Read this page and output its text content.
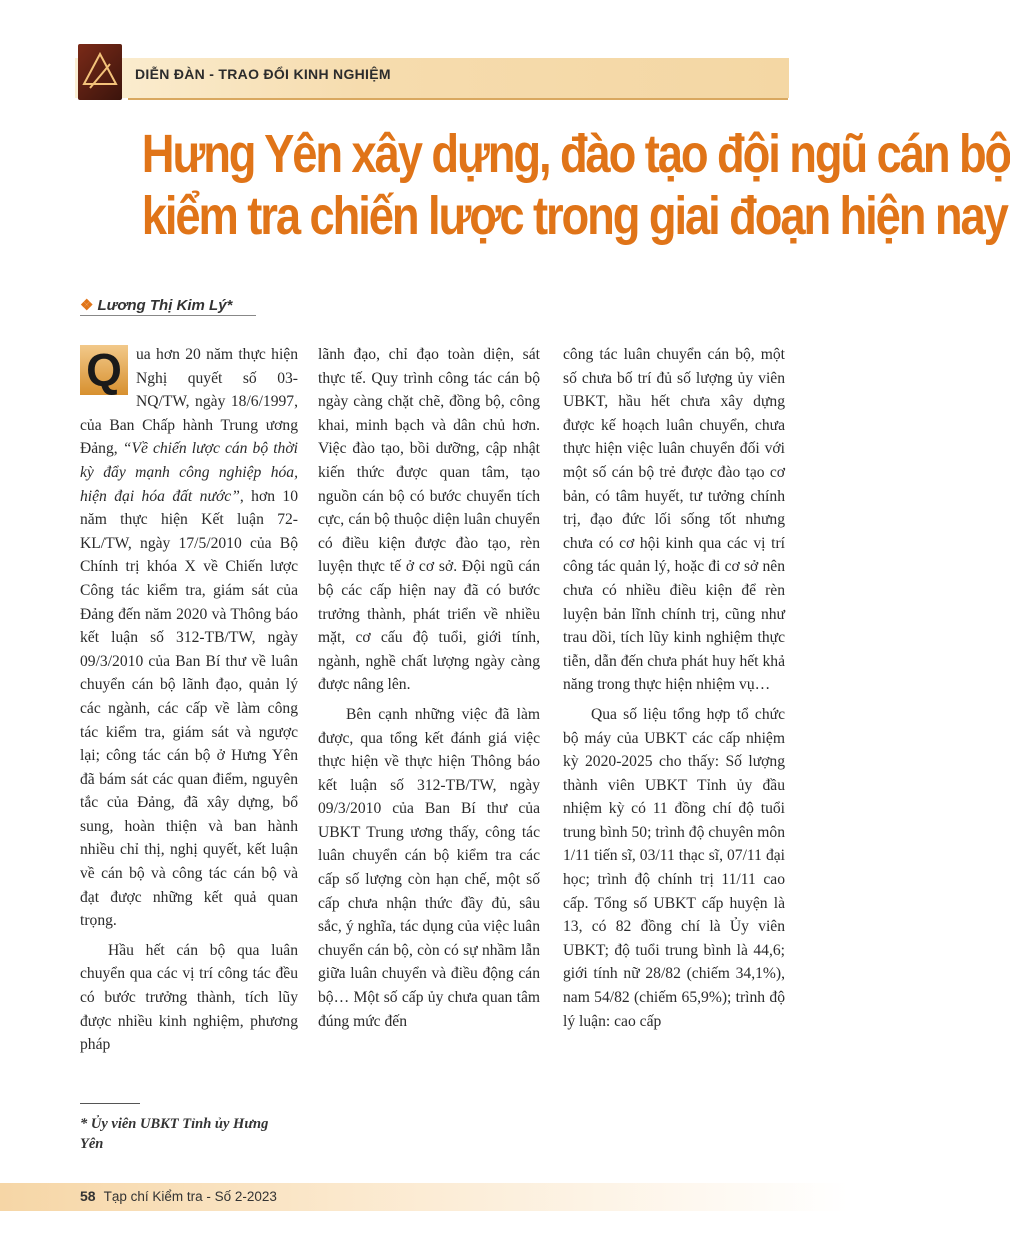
DIỄN ĐÀN - TRAO ĐỔI KINH NGHIỆM
Hưng Yên xây dựng, đào tạo đội ngũ cán bộ
kiểm tra chiến lược trong giai đoạn hiện nay
❖ Lương Thị Kim Lý*

Q ua hơn 20 năm thực hiện Nghị quyết số 03-NQ/TW, ngày 18/6/1997, của Ban Chấp hành Trung ương Đảng, “Về chiến lược cán bộ thời kỳ đẩy mạnh công nghiệp hóa, hiện đại hóa đất nước”, hơn 10 năm thực hiện Kết luận 72-KL/TW, ngày 17/5/2010 của Bộ Chính trị khóa X về Chiến lược Công tác kiểm tra, giám sát của Đảng đến năm 2020 và Thông báo kết luận số 312-TB/TW, ngày 09/3/2010 của Ban Bí thư về luân chuyển cán bộ lãnh đạo, quản lý các ngành, các cấp về làm công tác kiểm tra, giám sát và ngược lại; công tác cán bộ ở Hưng Yên đã bám sát các quan điểm, nguyên tắc của Đảng, đã xây dựng, bổ sung, hoàn thiện và ban hành nhiều chỉ thị, nghị quyết, kết luận về cán bộ và công tác cán bộ và đạt được những kết quả quan trọng.

Hầu hết cán bộ qua luân chuyển qua các vị trí công tác đều có bước trưởng thành, tích lũy được nhiều kinh nghiệm, phương pháp

lãnh đạo, chỉ đạo toàn diện, sát thực tế. Quy trình công tác cán bộ ngày càng chặt chẽ, đồng bộ, công khai, minh bạch và dân chủ hơn. Việc đào tạo, bồi dưỡng, cập nhật kiến thức được quan tâm, tạo nguồn cán bộ có bước chuyển tích cực, cán bộ thuộc diện luân chuyển có điều kiện được đào tạo, rèn luyện thực tế ở cơ sở. Đội ngũ cán bộ các cấp hiện nay đã có bước trưởng thành, phát triển về nhiều mặt, cơ cấu độ tuổi, giới tính, ngành, nghề chất lượng ngày càng được nâng lên.

Bên cạnh những việc đã làm được, qua tổng kết đánh giá việc thực hiện về thực hiện Thông báo kết luận số 312-TB/TW, ngày 09/3/2010 của Ban Bí thư của UBKT Trung ương thấy, công tác luân chuyển cán bộ kiểm tra các cấp số lượng còn hạn chế, một số cấp chưa nhận thức đầy đủ, sâu sắc, ý nghĩa, tác dụng của việc luân chuyển cán bộ, còn có sự nhầm lẫn giữa luân chuyển và điều động cán bộ… Một số cấp ủy chưa quan tâm đúng mức đến

công tác luân chuyển cán bộ, một số chưa bố trí đủ số lượng ủy viên UBKT, hầu hết chưa xây dựng được kế hoạch luân chuyển, chưa thực hiện việc luân chuyển đối với một số cán bộ trẻ được đào tạo cơ bản, có tâm huyết, tư tưởng chính trị, đạo đức lối sống tốt nhưng chưa có cơ hội kinh qua các vị trí công tác quản lý, hoặc đi cơ sở nên chưa có nhiều điều kiện để rèn luyện bản lĩnh chính trị, cũng như trau dồi, tích lũy kinh nghiệm thực tiễn, dẫn đến chưa phát huy hết khả năng trong thực hiện nhiệm vụ…

Qua số liệu tổng hợp tổ chức bộ máy của UBKT các cấp nhiệm kỳ 2020-2025 cho thấy: Số lượng thành viên UBKT Tỉnh ủy đầu nhiệm kỳ có 11 đồng chí độ tuổi trung bình 50; trình độ chuyên môn 1/11 tiến sĩ, 03/11 thạc sĩ, 07/11 đại học; trình độ chính trị 11/11 cao cấp. Tổng số UBKT cấp huyện là 13, có 82 đồng chí là Ủy viên UBKT; độ tuổi trung bình là 44,6; giới tính nữ 28/82 (chiếm 34,1%), nam 54/82 (chiếm 65,9%); trình độ lý luận: cao cấp

* Ủy viên UBKT Tỉnh ủy Hưng Yên
58 Tạp chí Kiểm tra - Số 2-2023
